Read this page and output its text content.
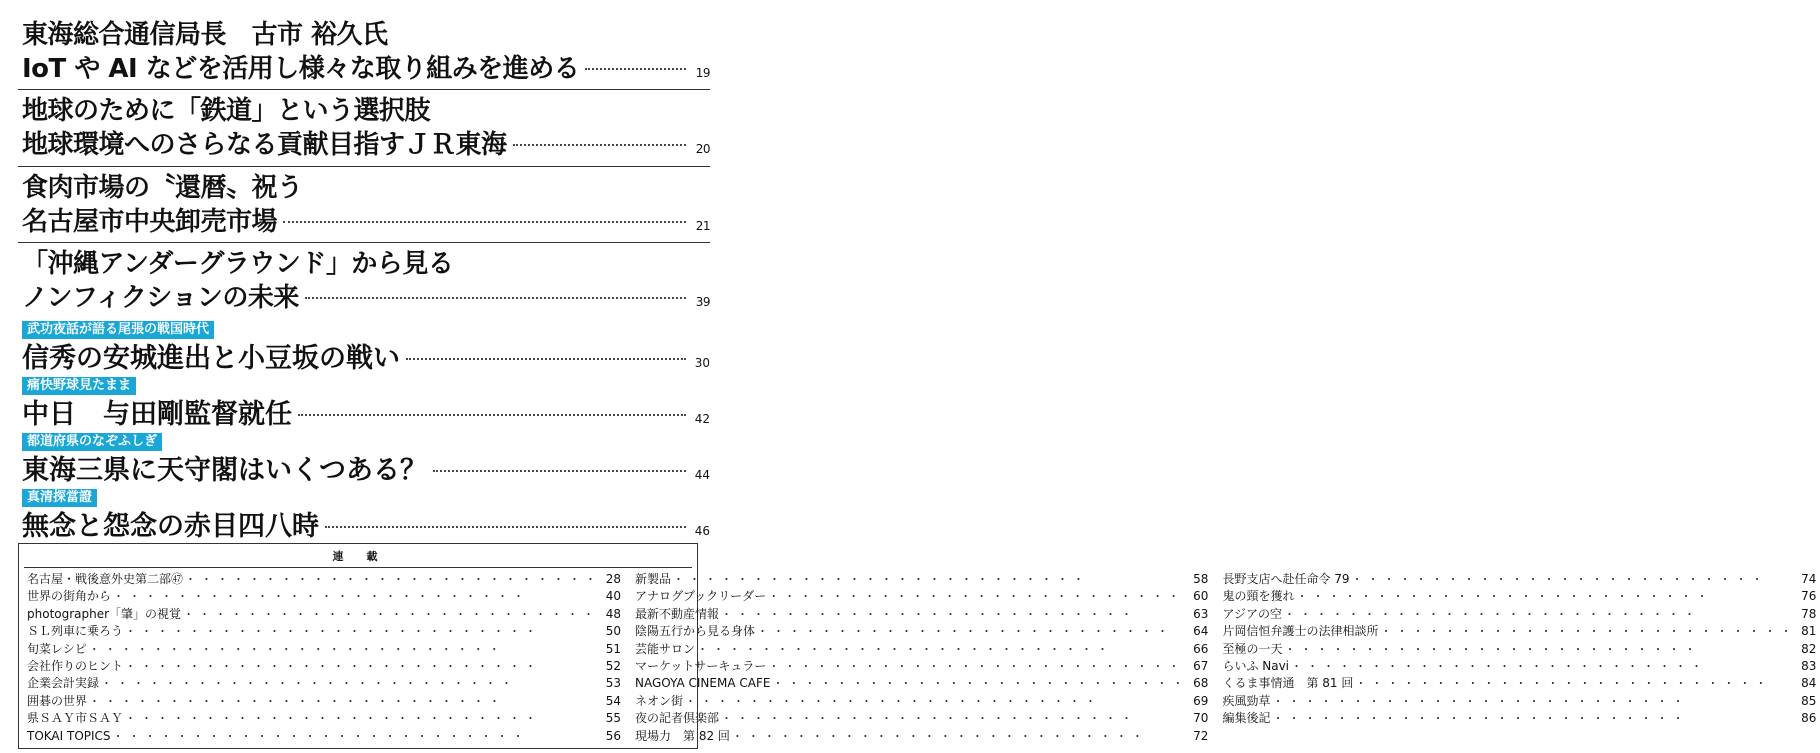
東海総合通信局長　古市 裕久氏
IoT や AI などを活用し様々な取り組みを進める	19
地球のために「鉄道」という選択肢
地球環境へのさらなる貢献目指すＪＲ東海	20
食肉市場の〝還暦〟祝う
名古屋市中央卸売市場	21
「沖縄アンダーグラウンド」から見る
ノンフィクションの未来	39
武功夜話が語る尾張の戦国時代
信秀の安城進出と小豆坂の戦い	30
痛快野球見たまま
中日　与田剛監督就任	42
都道府県のなぞふしぎ
東海三県に天守閣はいくつある？	44
真清探當證
無念と怨念の赤目四八時	46
連　載
名古屋・戦後意外史第二部㊼ ・・・・・・・・・・・・・・・・・・・・・・・・・・	28
世界の街角から ・・・・・・・・・・・・・・・・・・・・・・・・・・	40
photographer「肇」の視覚 ・・・・・・・・・・・・・・・・・・・・・・・・・・	48
ＳＬ列車に乗ろう ・・・・・・・・・・・・・・・・・・・・・・・・・・	50
旬菜レシピ ・・・・・・・・・・・・・・・・・・・・・・・・・・	51
会社作りのヒント ・・・・・・・・・・・・・・・・・・・・・・・・・・	52
企業会計実録 ・・・・・・・・・・・・・・・・・・・・・・・・・・	53
囲碁の世界 ・・・・・・・・・・・・・・・・・・・・・・・・・・	54
県ＳＡＹ市ＳＡＹ ・・・・・・・・・・・・・・・・・・・・・・・・・・	55
TOKAI TOPICS ・・・・・・・・・・・・・・・・・・・・・・・・・・	56
新製品 ・・・・・・・・・・・・・・・・・・・・・・・・・・	58
アナログブックリーダー ・・・・・・・・・・・・・・・・・・・・・・・・・・	60
最新不動産情報 ・・・・・・・・・・・・・・・・・・・・・・・・・・	63
陰陽五行から見る身体 ・・・・・・・・・・・・・・・・・・・・・・・・・・	64
芸能サロン ・・・・・・・・・・・・・・・・・・・・・・・・・・	66
マーケットサーキュラー ・・・・・・・・・・・・・・・・・・・・・・・・・・	67
NAGOYA CINEMA CAFE ・・・・・・・・・・・・・・・・・・・・・・・・・・	68
ネオン街 ・・・・・・・・・・・・・・・・・・・・・・・・・・	69
夜の記者倶楽部 ・・・・・・・・・・・・・・・・・・・・・・・・・・	70
現場力　第 82 回 ・・・・・・・・・・・・・・・・・・・・・・・・・・	72
長野支店へ赴任命令 79 ・・・・・・・・・・・・・・・・・・・・・・・・・・	74
鬼の頸を獲れ ・・・・・・・・・・・・・・・・・・・・・・・・・・	76
アジアの空 ・・・・・・・・・・・・・・・・・・・・・・・・・・	78
片岡信恒弁護士の法律相談所 ・・・・・・・・・・・・・・・・・・・・・・・・・・	81
至極の一天 ・・・・・・・・・・・・・・・・・・・・・・・・・・	82
らいふ Navi ・・・・・・・・・・・・・・・・・・・・・・・・・・	83
くるま事情通　第 81 回 ・・・・・・・・・・・・・・・・・・・・・・・・・・	84
疾風勁草 ・・・・・・・・・・・・・・・・・・・・・・・・・・	85
編集後記 ・・・・・・・・・・・・・・・・・・・・・・・・・・	86
